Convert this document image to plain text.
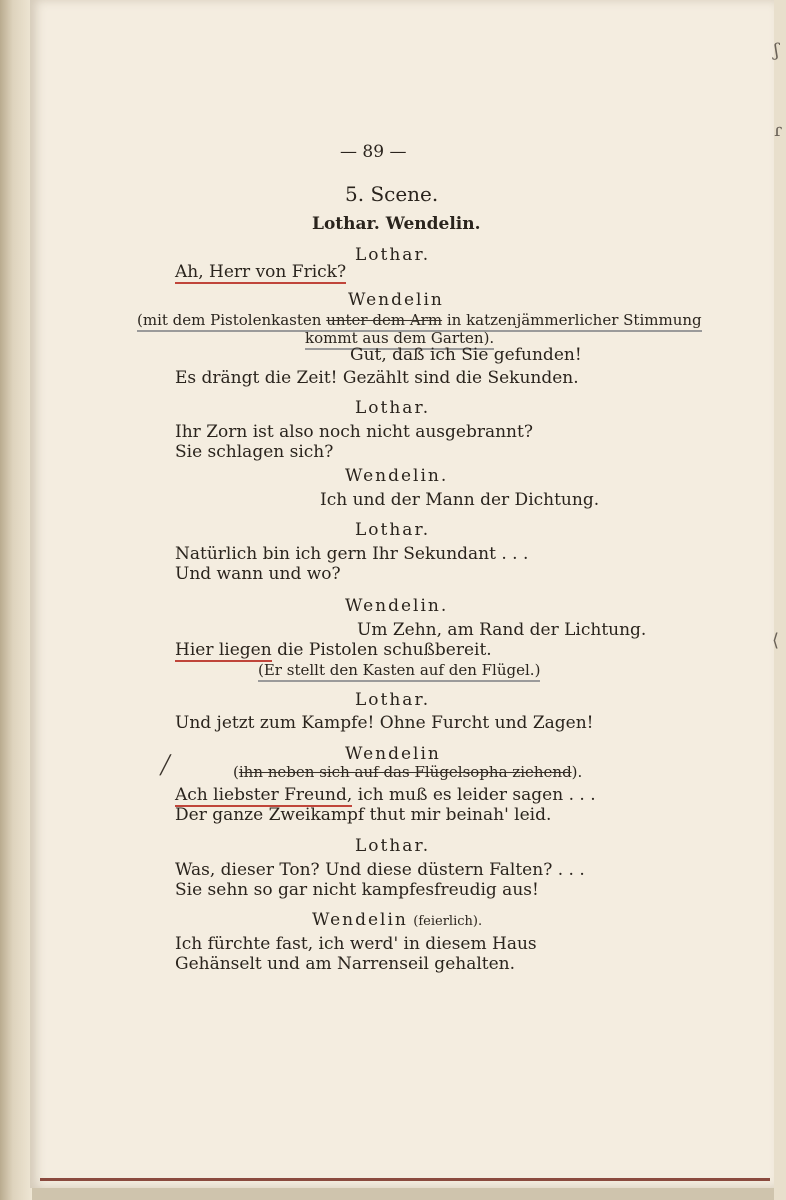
ʃ
ɾ
⟨
╱
— 89 —
5. Scene.
Lothar. Wendelin.
Lothar.
Ah, Herr von Frick?
Wendelin
(mit dem Pistolenkasten unter dem Arm in katzenjämmerlicher Stimmung
kommt aus dem Garten).
Gut, daß ich Sie gefunden!
Es drängt die Zeit! Gezählt sind die Sekunden.
Lothar.
Ihr Zorn ist also noch nicht ausgebrannt?
Sie schlagen sich?
Wendelin.
Ich und der Mann der Dichtung.
Lothar.
Natürlich bin ich gern Ihr Sekundant . . .
Und wann und wo?
Wendelin.
Um Zehn, am Rand der Lichtung.
Hier liegen die Pistolen schußbereit.
(Er stellt den Kasten auf den Flügel.)
Lothar.
Und jetzt zum Kampfe! Ohne Furcht und Zagen!
Wendelin
(ihn neben sich auf das Flügelsopha ziehend).
Ach liebster Freund, ich muß es leider sagen . . .
Der ganze Zweikampf thut mir beinah' leid.
Lothar.
Was, dieser Ton? Und diese düstern Falten? . . .
Sie sehn so gar nicht kampfesfreudig aus!
Wendelin (feierlich).
Ich fürchte fast, ich werd' in diesem Haus
Gehänselt und am Narrenseil gehalten.
